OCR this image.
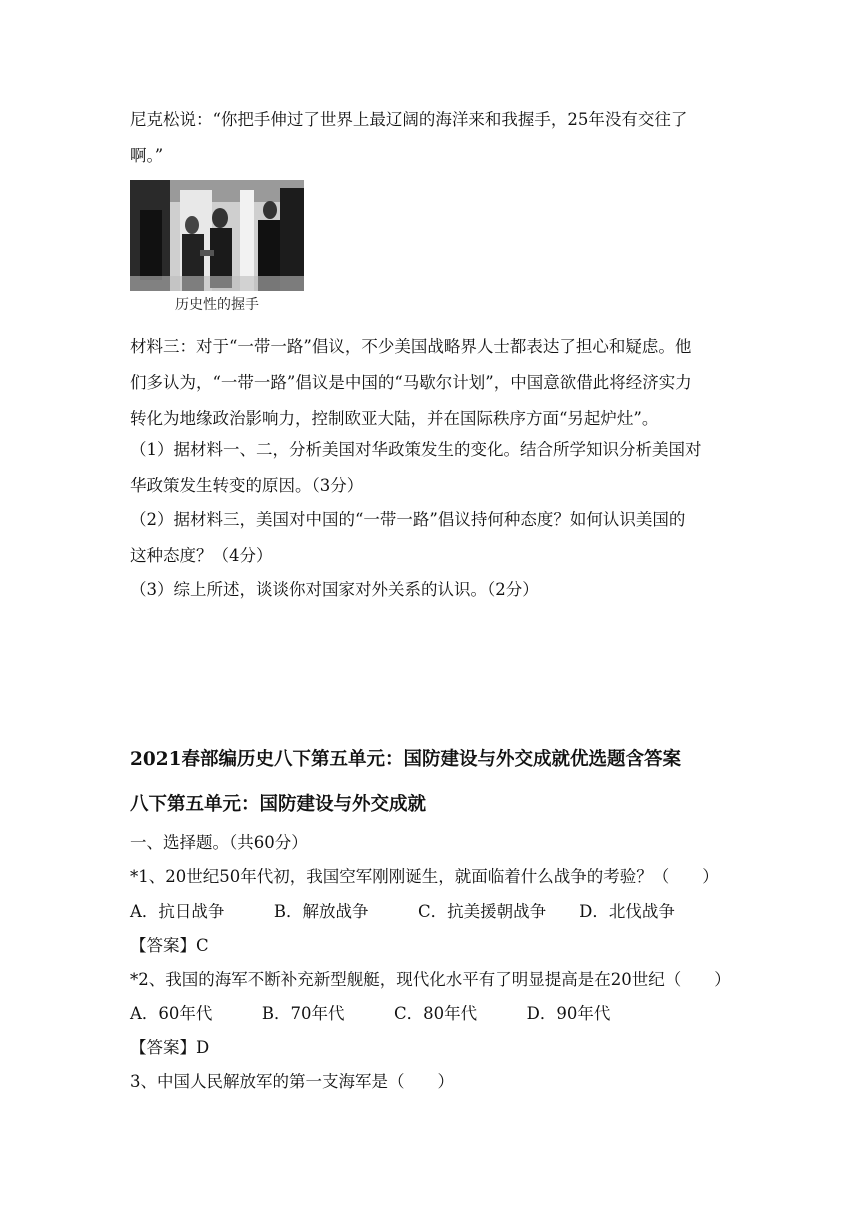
尼克松说：“你把手伸过了世界上最辽阔的海洋来和我握手，25年没有交往了
啊。”
历史性的握手
材料三：对于“一带一路”倡议，不少美国战略界人士都表达了担心和疑虑。他
们多认为，“一带一路”倡议是中国的“马歇尔计划”，中国意欲借此将经济实力
转化为地缘政治影响力，控制欧亚大陆，并在国际秩序方面“另起炉灶”。
（1）据材料一、二，分析美国对华政策发生的变化。结合所学知识分析美国对
华政策发生转变的原因。（3分）
（2）据材料三，美国对中国的“一带一路”倡议持何种态度？如何认识美国的
这种态度？（4分）
（3）综上所述，谈谈你对国家对外关系的认识。（2分）
2021春部编历史八下第五单元：国防建设与外交成就优选题含答案
八下第五单元：国防建设与外交成就
一、选择题。（共60分）
*1、20世纪50年代初，我国空军刚刚诞生，就面临着什么战争的考验？（　　）
A．抗日战争　　　B．解放战争　　　C．抗美援朝战争　　D．北伐战争
【答案】C
*2、我国的海军不断补充新型舰艇，现代化水平有了明显提高是在20世纪（　　）
A．60年代　　　B．70年代　　　C．80年代　　　D．90年代
【答案】D
3、中国人民解放军的第一支海军是（　　）
